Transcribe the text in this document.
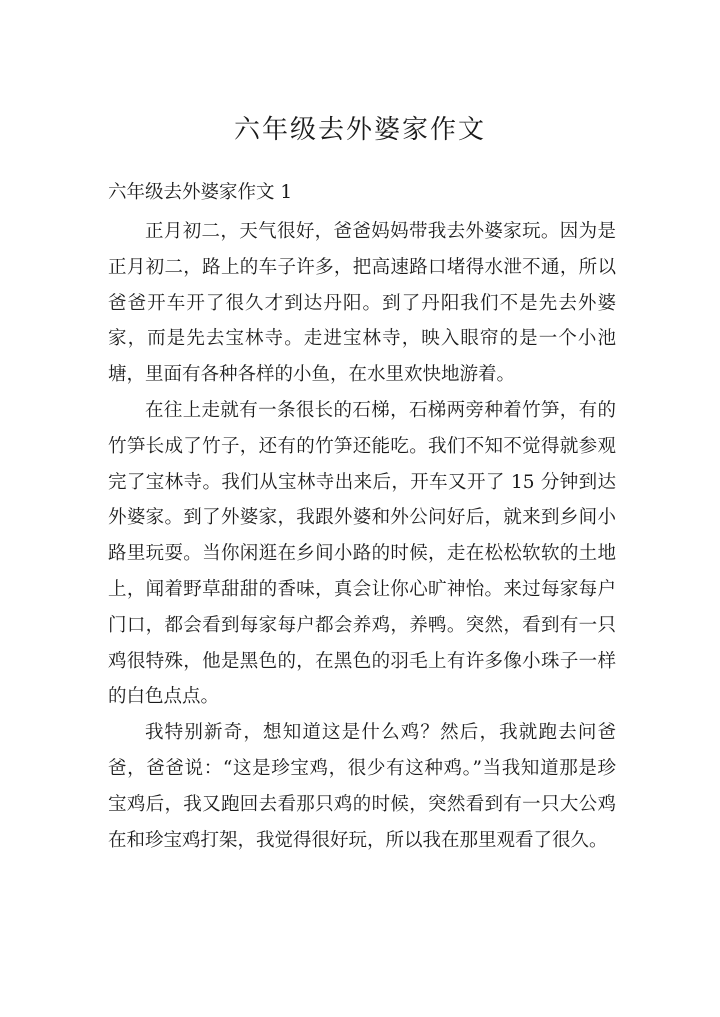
六年级去外婆家作文
六年级去外婆家作文 1

正月初二，天气很好，爸爸妈妈带我去外婆家玩。因为是正月初二，路上的车子许多，把高速路口堵得水泄不通，所以爸爸开车开了很久才到达丹阳。到了丹阳我们不是先去外婆家，而是先去宝林寺。走进宝林寺，映入眼帘的是一个小池塘，里面有各种各样的小鱼，在水里欢快地游着。

在往上走就有一条很长的石梯，石梯两旁种着竹笋，有的竹笋长成了竹子，还有的竹笋还能吃。我们不知不觉得就参观完了宝林寺。我们从宝林寺出来后，开车又开了 15 分钟到达外婆家。到了外婆家，我跟外婆和外公问好后，就来到乡间小路里玩耍。当你闲逛在乡间小路的时候，走在松松软软的土地上，闻着野草甜甜的香味，真会让你心旷神怡。来过每家每户门口，都会看到每家每户都会养鸡，养鸭。突然，看到有一只鸡很特殊，他是黑色的，在黑色的羽毛上有许多像小珠子一样的白色点点。

我特别新奇，想知道这是什么鸡？然后，我就跑去问爸爸，爸爸说：“这是珍宝鸡，很少有这种鸡。”当我知道那是珍宝鸡后，我又跑回去看那只鸡的时候，突然看到有一只大公鸡在和珍宝鸡打架，我觉得很好玩，所以我在那里观看了很久。
